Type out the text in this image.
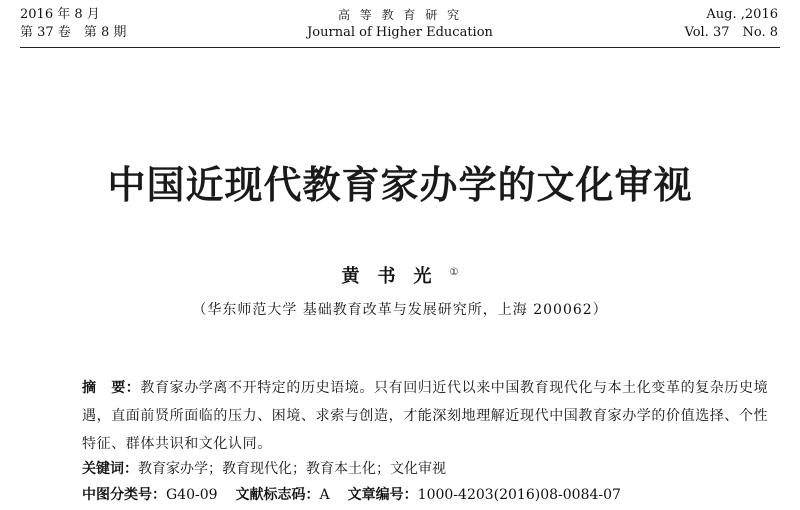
2016 年 8 月
第 37 卷　第 8 期
高 等 教 育 研 究
Journal of Higher Education
Aug. ,2016
Vol. 37　No. 8
中国近现代教育家办学的文化审视
黄书光①
（华东师范大学 基础教育改革与发展研究所，上海 200062）
摘　要：教育家办学离不开特定的历史语境。只有回归近代以来中国教育现代化与本土化变革的复杂历史境遇，直面前贤所面临的压力、困境、求索与创造，才能深刻地理解近现代中国教育家办学的价值选择、个性特征、群体共识和文化认同。
关键词：教育家办学；教育现代化；教育本土化；文化审视
中图分类号：G40-09 文献标志码：A 文章编号：1000-4203(2016)08-0084-07
